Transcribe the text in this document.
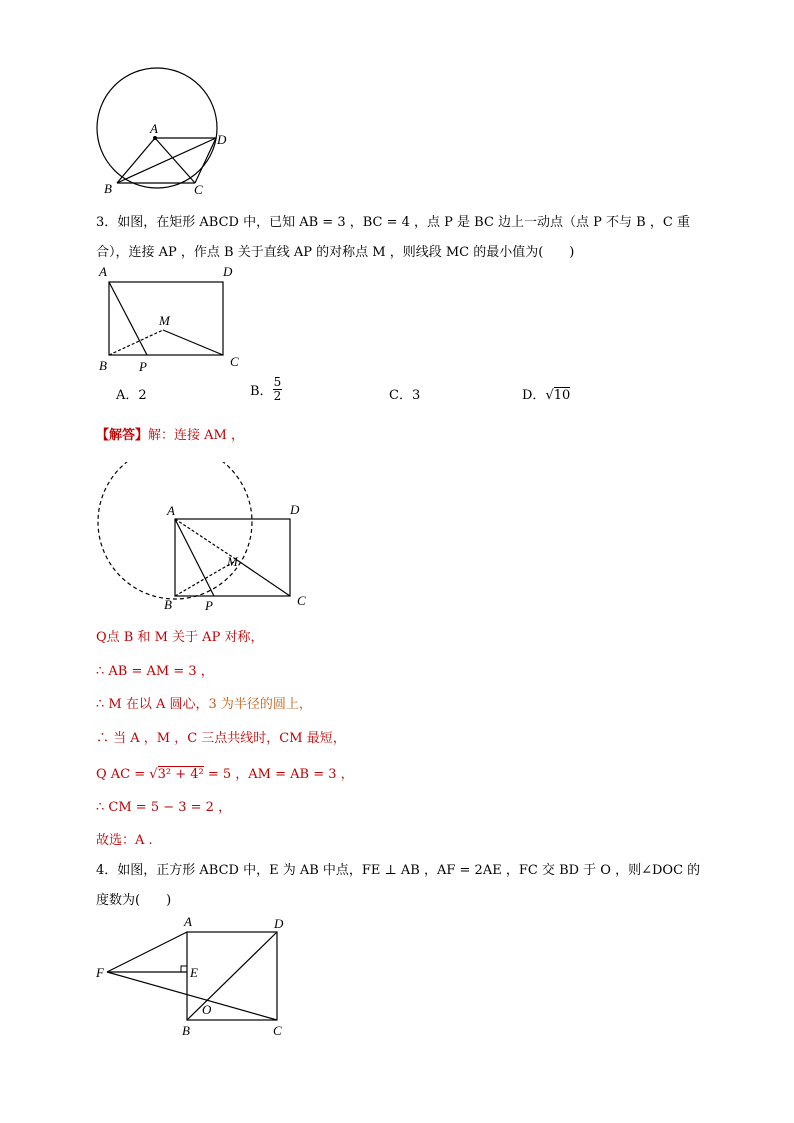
A
B	C
D
3．如图，在矩形 ABCD 中，已知 AB = 3 ，BC = 4 ，点 P 是 BC 边上一动点（点 P 不与 B ，C 重
合），连接 AP ，作点 B 关于直线 AP 的对称点 M ，则线段 MC 的最小值为(　　)
A	D
M
B P	C
A．2	B． $\frac{5}{2}$	C．3	D．√10
【解答】解：连接 AM ，
A	D
M
B	P	C
Q点 B 和 M 关于 AP 对称，
∴ AB = AM = 3 ，
∴ M 在以 A 圆心，3 为半径的圆上，
∴ 当 A ，M ，C 三点共线时，CM 最短，
Q AC = √3² + 4² = 5 ，AM = AB = 3 ，
∴ CM = 5 − 3 = 2 ，
故选：A .
4．如图，正方形 ABCD 中，E 为 AB 中点，FE ⊥ AB ，AF = 2AE ，FC 交 BD 于 O ，则∠DOC 的
度数为(　　)
A	D
F	E
O
B	C
